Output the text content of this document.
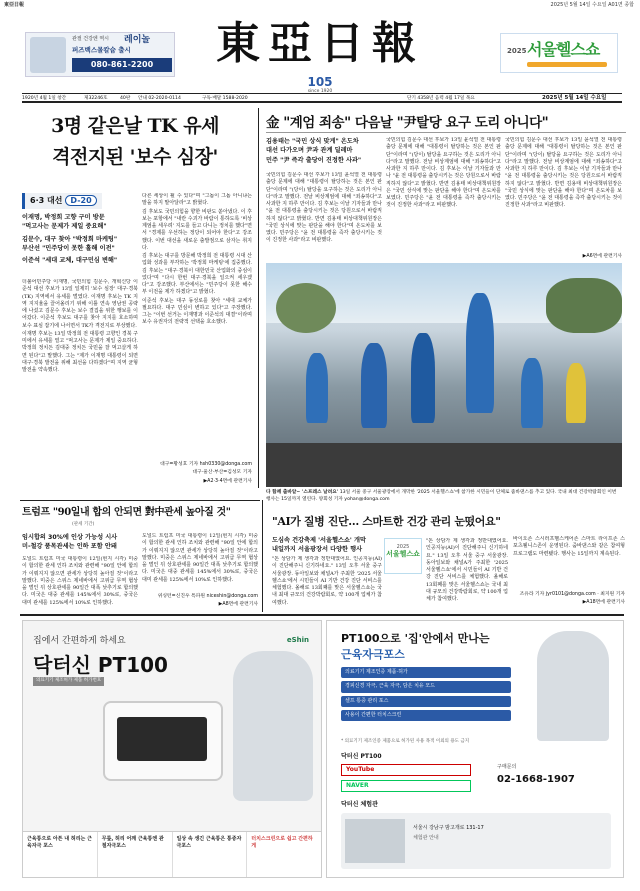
東亞日報	2025년 5월 14일 수요일 A01면 종합
관절 건강엔 역시 레이놀
퍼즈백스몰칼슘 출시
080-861-2200	東亞日報
105
since 1920
2025 서울헬스쇼
1920년 4월 1일 창간	제32246호	40판 안내 02-2020-0114	구독·배달 1588-2020	단기 4358년 음력 4월 17일 목요	2025년 5월 14일 수요일
3명 같은날 TK 유세
격전지된 '보수 심장'
6·3 대선 D-20
이재명, 박정희 고향 구미 방문
"먹고사는 문제가 제일 중요해"
김문수, 대구 찾아 "박정희 마케팅"
부산선 "민주당이 못한 홀해 이전"
이준석 "세대 교체, 대구민심 변해"

더불어민주당 이재명, 국민의힘 김문수, 개혁신당 이준석 대선 후보가 13일 일제히 '보수 심장' 대구·경북(TK) 지역에서 유세를 벌였다. 이재명 후보는 TK 지역 지지율을 끌어올리기 위해 이틀 연속 영남권 공략에 나섰고 김문수 후보는 보수 결집을 위한 행보를 이어갔다. 이준석 후보도 대구를 찾아 지지를 호소하며 보수 표심 잡기에 나서면서 TK가 격전지로 부상했다.

이재명 후보는 13일 박정희 전 대통령 고향인 경북 구미에서 유세를 열고 "먹고사는 문제가 제일 중요하다. 박정희 정치든 김대중 정치든 국민을 잘 먹고살게 하면 된다"고 말했다. 그는 "제가 이재명 대통령이 되면 대구·경북 발전을 위해 최선을 다하겠다"며 지역 균형 발전을 약속했다.

다른 세상이 될 수 있다"며 "그놈이 그놈 아니냐는 말을 하지 말아달라"고 밝혔다.

김 후보도 국민의힘을 향한 비판도 쏟아냈다. 이 후보는 포항에서 "내란 수괴가 바람이 통하도록 '비상 계엄을 세우려' 지도를 들고 다니는 정치를 했다"면서 "경제를 우선하는 정당이 되어야 한다"고 강조했다. 이번 대선을 새로운 출발점으로 삼자는 취지다.

김 후보는 대구를 방문해 박정희 전 대통령 시대 산업화 성과를 부각하는 '박정희 마케팅'에 집중했다. 김 후보는 "대구·경북이 대한민국 산업화의 중심이었다"며 "다시 한번 대구·경북을 일으켜 세우겠다"고 강조했다. 부산에서는 "민주당이 못한 해수부 이전을 제가 하겠다"고 밝혔다.

이준석 후보는 대구 동성로를 찾아 "세대 교체가 필요하다. 대구 민심이 변하고 있다"고 주장했다. 그는 "이번 선거는 이재명과 이준석의 대결"이라며 보수 유권자의 전략적 선택을 호소했다.

대구=황성호 기자 hsh0330@donga.com
대구·울산·부산=김성모 기자
▶A2·3·4면에 관련기사
金 "계엄 죄송" 다음날 "尹탈당 요구 도리 아니다"
김용태는 "국민 상식 맞게" 온도차
대선 다가오며 尹과 관계 딜레마
민주 "尹 즉각 출당이 진정한 사과"
국민의힘 김문수 대선 후보가 13일 윤석열 전 대통령 출당 문제에 대해 "대통령이 탈당하는 것은 본인 판단"이라며 "(당이) 탈당을 요구하는 것은 도리가 아니다"라고 말했다. 전날 비상계엄에 대해 "죄송하다"고 사과한 지 하루 만이다. 김 후보는 이날 기자들과 만나 "윤 전 대통령을 출당시키는 것은 당원으로서 바람직하지 않다"고 밝혔다. 반면 김용태 비상대책위원장은 "국민 상식에 맞는 판단을 해야 한다"며 온도차를 보였다. 민주당은 "윤 전 대통령을 즉각 출당시키는 것이 진정한 사과"라고 비판했다.
국민의힘 김문수 대선 후보가 13일 윤석열 전 대통령 출당 문제에 대해 "대통령이 탈당하는 것은 본인 판단"이라며 "(당이) 탈당을 요구하는 것은 도리가 아니다"라고 말했다. 전날 비상계엄에 대해 "죄송하다"고 사과한 지 하루 만이다. 김 후보는 이날 기자들과 만나 "윤 전 대통령을 출당시키는 것은 당원으로서 바람직하지 않다"고 밝혔다. 반면 김용태 비상대책위원장은 "국민 상식에 맞는 판단을 해야 한다"며 온도차를 보였다. 민주당은 "윤 전 대통령을 즉각 출당시키는 것이 진정한 사과"라고 비판했다.
국민의힘 김문수 대선 후보가 13일 윤석열 전 대통령 출당 문제에 대해 "대통령이 탈당하는 것은 본인 판단"이라며 "(당이) 탈당을 요구하는 것은 도리가 아니다"라고 말했다. 전날 비상계엄에 대해 "죄송하다"고 사과한 지 하루 만이다. 김 후보는 이날 기자들과 만나 "윤 전 대통령을 출당시키는 것은 당원으로서 바람직하지 않다"고 밝혔다. 반면 김용태 비상대책위원장은 "국민 상식에 맞는 판단을 해야 한다"며 온도차를 보였다. 민주당은 "윤 전 대통령을 즉각 출당시키는 것이 진정한 사과"라고 비판했다.
▶A6면에 관련기사
다 함께 출바알~ '스프레스 날려요' 13일 서울 중구 서울광장에서 개막한 '2025 서울헬스쇼'에 참가한 시민들이 단체로 줌바댄스를 추고 있다. 국내 최대 건강박람회인 이번 행사는 15일까지 열린다. 양회성 기자 yohan@donga.com
트럼프 "90일내 합의 안되면 對中관세 높아질 것"
(관세 기간)
임시합의 30%에 인상 가능성 시사
미-철강 품목관세는 인하 포함 안돼
도널드 트럼프 미국 대통령이 12일(현지 시각) 미중이 합의한 관세 인하 조치와 관련해 "90일 안에 합의가 이뤄지지 않으면 관세가 상당히 높아질 것"이라고 말했다. 미중은 스위스 제네바에서 고위급 무역 협상을 벌인 뒤 상호관세를 90일간 대폭 낮추기로 합의했다. 미국은 대중 관세를 145%에서 30%로, 중국은 대미 관세를 125%에서 10%로 인하했다.
도널드 트럼프 미국 대통령이 12일(현지 시각) 미중이 합의한 관세 인하 조치와 관련해 "90일 안에 합의가 이뤄지지 않으면 관세가 상당히 높아질 것"이라고 말했다. 미중은 스위스 제네바에서 고위급 무역 협상을 벌인 뒤 상호관세를 90일간 대폭 낮추기로 합의했다. 미국은 대중 관세를 145%에서 30%로, 중국은 대미 관세를 125%에서 10%로 인하했다.
위싱턴=신진우 특파원 niceshin@donga.com
▶A8면에 관련기사
"AI가 질병 진단… 스마트한 건강 관리 눈떴어요"
도심속 건강축제 '서울헬스쇼' 개막
내일까지 서울광장서 다양한 행사	2025
서울헬스쇼
"돈 상담가 제 생각과 정반대였어요. 인공지능(AI)이 진단해주니 신기하네요." 13일 오후 서울 중구 서울광장. 동아일보와 채널A가 주최한 '2025 서울헬스쇼'에서 시민들이 AI 기반 건강 진단 서비스를 체험했다. 올해로 13회째를 맞은 서울헬스쇼는 국내 최대 규모의 건강박람회로, 약 100개 업체가 참여했다.
"돈 상담가 제 생각과 정반대였어요. 인공지능(AI)이 진단해주니 신기하네요." 13일 오후 서울 중구 서울광장. 동아일보와 채널A가 주최한 '2025 서울헬스쇼'에서 시민들이 AI 기반 건강 진단 서비스를 체험했다. 올해로 13회째를 맞은 서울헬스쇼는 국내 최대 규모의 건강박람회로, 약 100개 업체가 참여했다.
바이오존 스시러프헬스케어존 스마트 라이프존 스포츠웰니스존이 운영된다. 줌바댄스와 같은 참여형 프로그램도 마련됐다. 행사는 15일까지 계속된다.
조유라 기자 jyr0101@donga.com · 최지원 기자
▶A18면에 관련기사
집에서 간편하게 하세요
닥터신 PT100
의료기기 제조허가 제품 허가번호
eShin
근육통으로 아픈 내 허리는 근육자극 포스
무릎, 허리 어깨 근육통엔 관절자극포스
일상 속 생긴 근육통은 통증자극포스
터치스크린으로 쉽고 간편하게
PT100으로 '집'안에서 만나는
근육자극포스
의료기기 제조인증 제품·허가
경피신경 자극, 근육 자극, 담은 치유 모드
셀프 통증 관리 포스
사용이 간편한 터치스크린
* 의료기기 제조인증 제품으로 허가된 사용 목적 이외의 용도 금지
닥터신 PT100
YouTube
NAVER
구매문의
02-1668-1907
닥터신 체험관
서울시 강남구 밤고개로 131-17
체험관 안내
